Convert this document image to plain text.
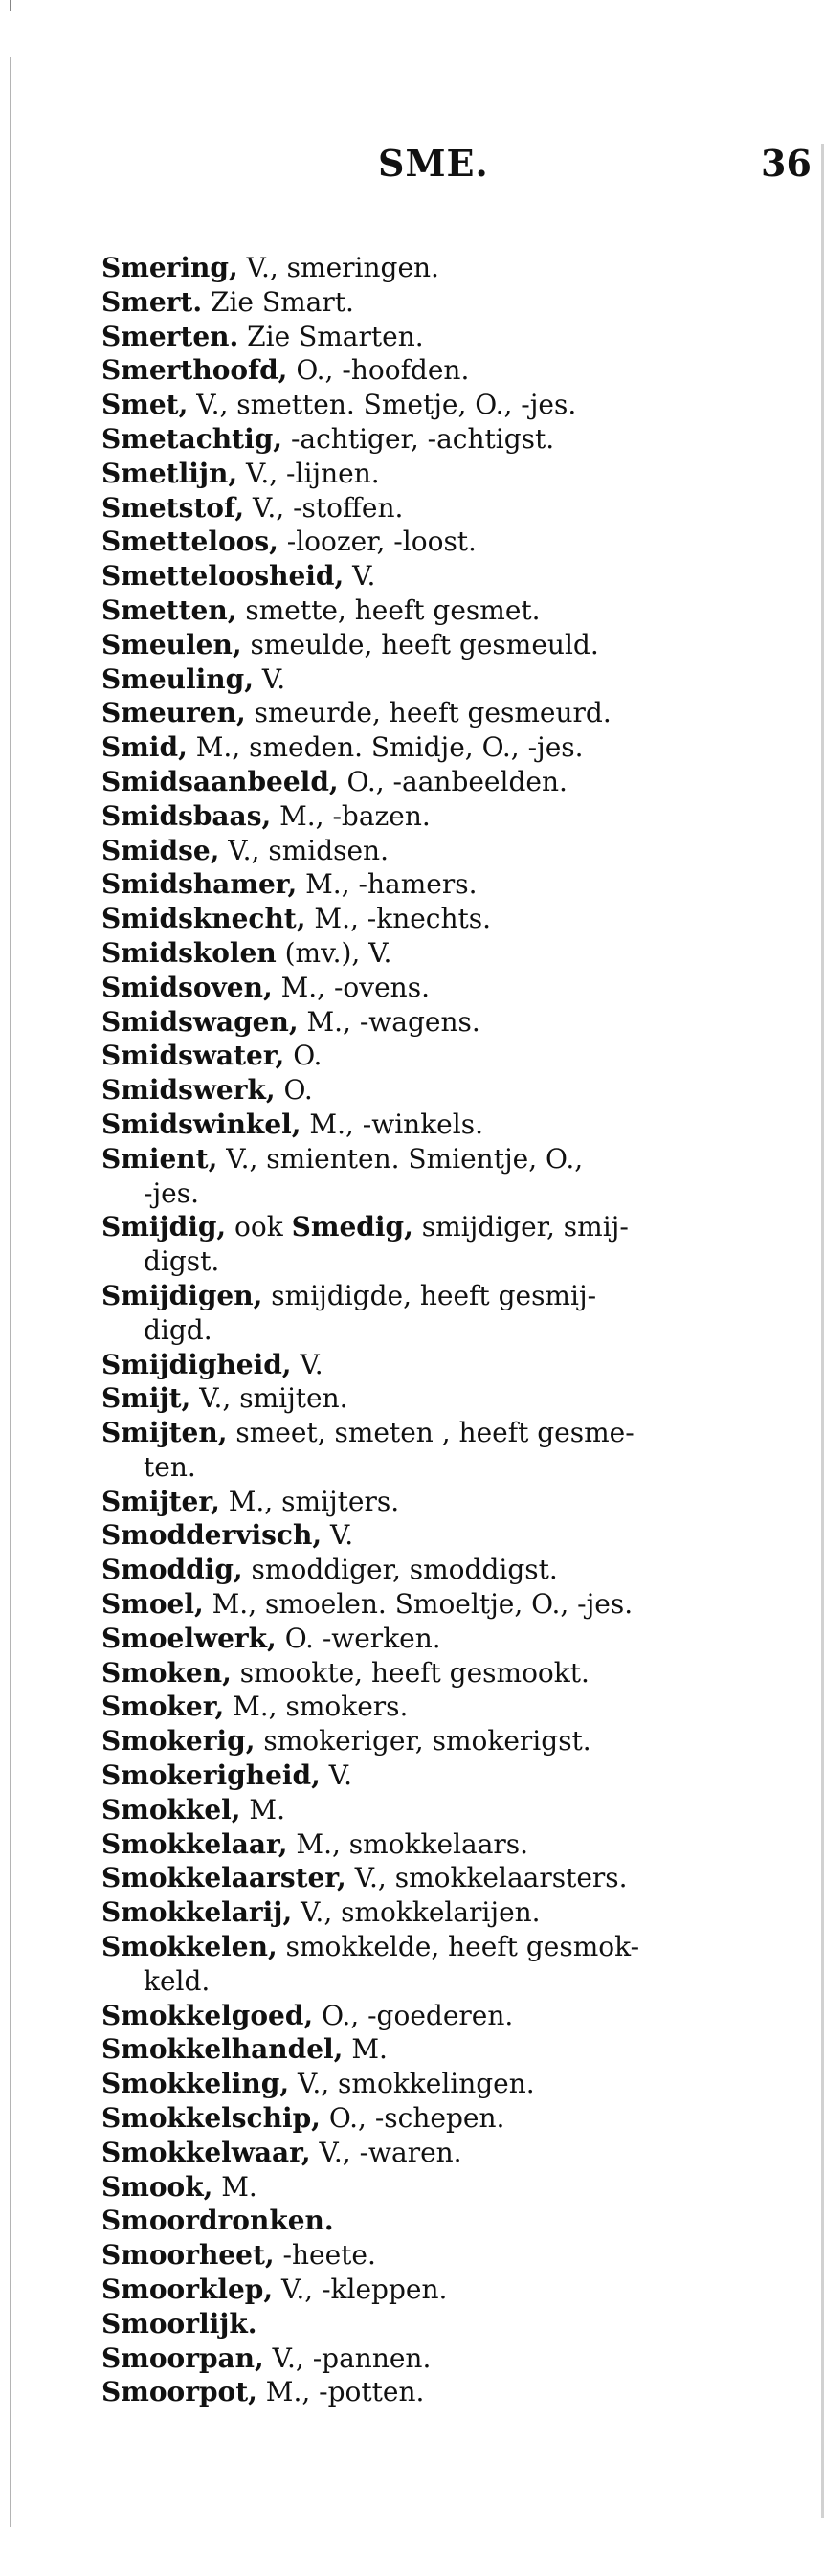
SME.	36
Smering, V., smeringen.
Smert. Zie Smart.
Smerten. Zie Smarten.
Smerthoofd, O., -hoofden.
Smet, V., smetten. Smetje, O., -jes.
Smetachtig, -achtiger, -achtigst.
Smetlijn, V., -lijnen.
Smetstof, V., -stoffen.
Smetteloos, -loozer, -loost.
Smetteloosheid, V.
Smetten, smette, heeft gesmet.
Smeulen, smeulde, heeft gesmeuld.
Smeuling, V.
Smeuren, smeurde, heeft gesmeurd.
Smid, M., smeden. Smidje, O., -jes.
Smidsaanbeeld, O., -aanbeelden.
Smidsbaas, M., -bazen.
Smidse, V., smidsen.
Smidshamer, M., -hamers.
Smidsknecht, M., -knechts.
Smidskolen (mv.), V.
Smidsoven, M., -ovens.
Smidswagen, M., -wagens.
Smidswater, O.
Smidswerk, O.
Smidswinkel, M., -winkels.
Smient, V., smienten. Smientje, O.,
-jes.
Smijdig, ook Smedig, smijdiger, smij-
digst.
Smijdigen, smijdigde, heeft gesmij-
digd.
Smijdigheid, V.
Smijt, V., smijten.
Smijten, smeet, smeten , heeft gesme-
ten.
Smijter, M., smijters.
Smoddervisch, V.
Smoddig, smoddiger, smoddigst.
Smoel, M., smoelen. Smoeltje, O., -jes.
Smoelwerk, O. -werken.
Smoken, smookte, heeft gesmookt.
Smoker, M., smokers.
Smokerig, smokeriger, smokerigst.
Smokerigheid, V.
Smokkel, M.
Smokkelaar, M., smokkelaars.
Smokkelaarster, V., smokkelaarsters.
Smokkelarij, V., smokkelarijen.
Smokkelen, smokkelde, heeft gesmok-
keld.
Smokkelgoed, O., -goederen.
Smokkelhandel, M.
Smokkeling, V., smokkelingen.
Smokkelschip, O., -schepen.
Smokkelwaar, V., -waren.
Smook, M.
Smoordronken.
Smoorheet, -heete.
Smoorklep, V., -kleppen.
Smoorlijk.
Smoorpan, V., -pannen.
Smoorpot, M., -potten.
